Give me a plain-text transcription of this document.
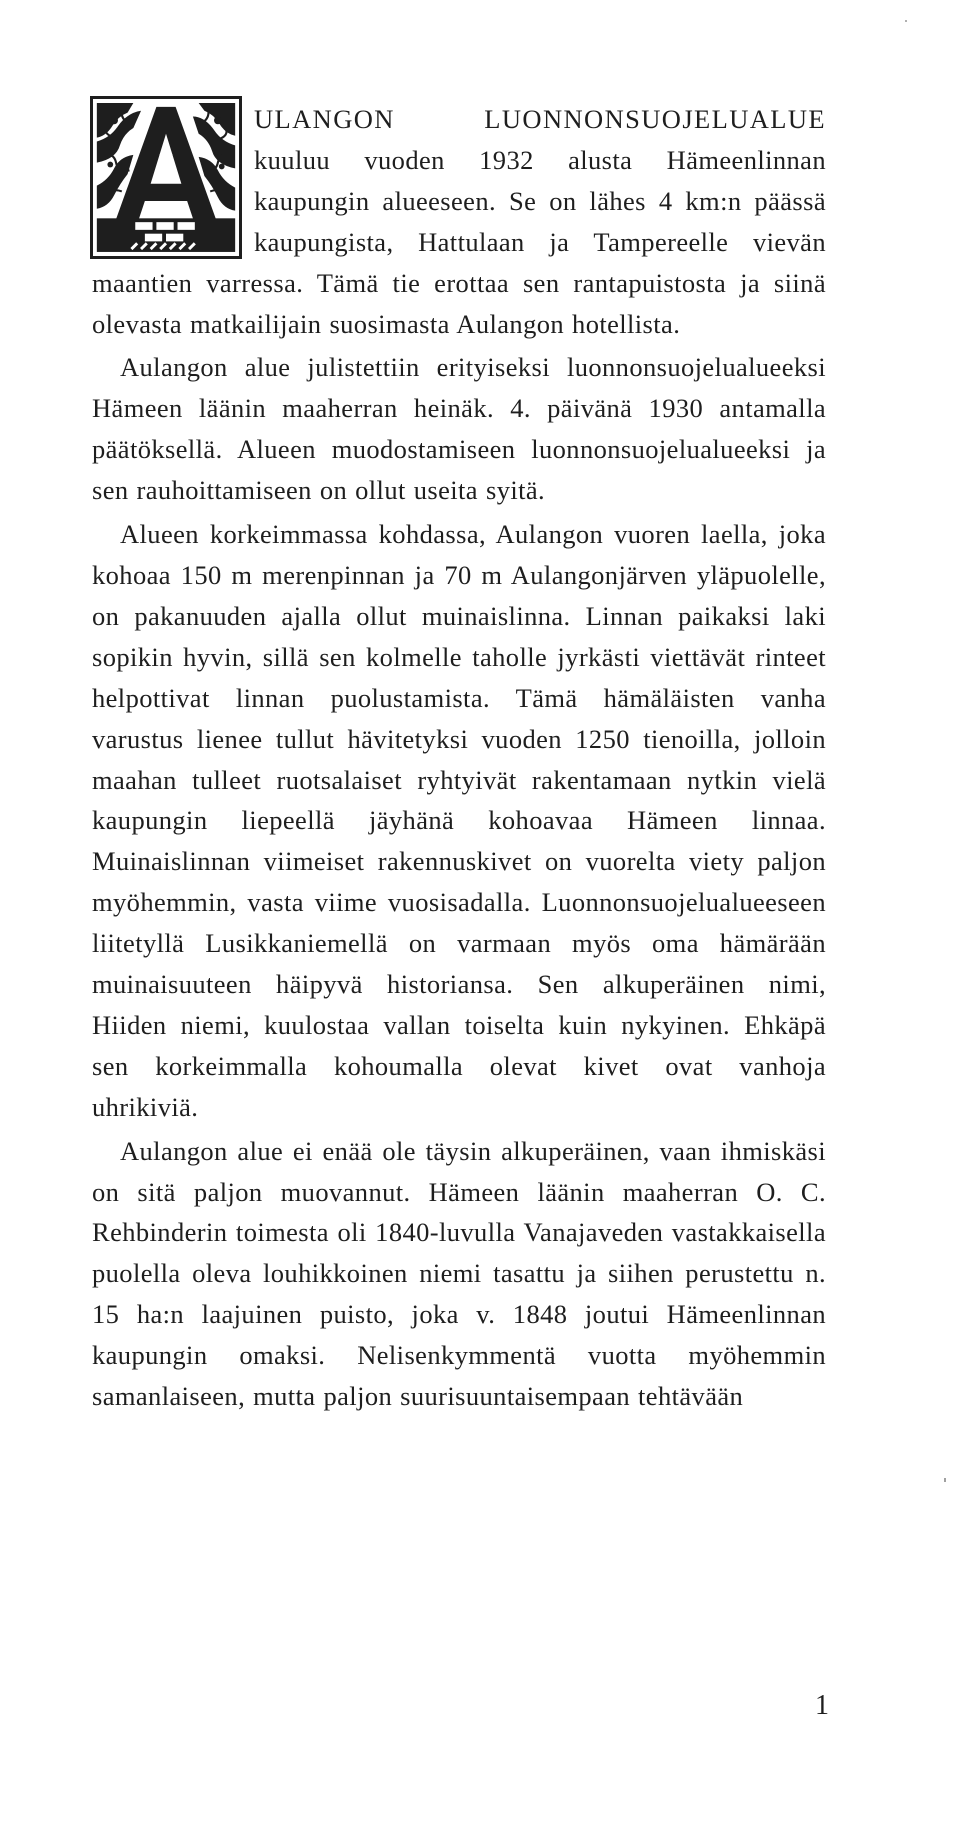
ULANGON LUONNONSUOJELUALUE kuuluu vuoden 1932 alusta Hämeenlinnan kaupungin alueeseen. Se on lähes 4 km:n päässä kaupungista, Hattulaan ja Tampereelle vievän maantien varressa. Tämä tie erottaa sen rantapuistosta ja siinä olevasta matkailijain suosimasta Aulangon hotellista.

Aulangon alue julistettiin erityiseksi luonnonsuojelualueeksi Hämeen läänin maaherran heinäk. 4. päivänä 1930 antamalla päätöksellä. Alueen muodostamiseen luonnonsuojelualueeksi ja sen rauhoittamiseen on ollut useita syitä.

Alueen korkeimmassa kohdassa, Aulangon vuoren laella, joka kohoaa 150 m merenpinnan ja 70 m Aulangonjärven yläpuolelle, on pakanuuden ajalla ollut muinaislinna. Linnan paikaksi laki sopikin hyvin, sillä sen kolmelle taholle jyrkästi viettävät rinteet helpottivat linnan puolustamista. Tämä hämäläisten vanha varustus lienee tullut hävitetyksi vuoden 1250 tienoilla, jolloin maahan tulleet ruotsalaiset ryhtyivät rakentamaan nytkin vielä kaupungin liepeellä jäyhänä kohoavaa Hämeen linnaa. Muinaislinnan viimeiset rakennuskivet on vuorelta viety paljon myöhemmin, vasta viime vuosisadalla. Luonnonsuojelualueeseen liitetyllä Lusikkaniemellä on varmaan myös oma hämärään muinaisuuteen häipyvä historiansa. Sen alkuperäinen nimi, Hiiden niemi, kuulostaa vallan toiselta kuin nykyinen. Ehkäpä sen korkeimmalla kohoumalla olevat kivet ovat vanhoja uhrikiviä.

Aulangon alue ei enää ole täysin alkuperäinen, vaan ihmiskäsi on sitä paljon muovannut. Hämeen läänin maaherran O. C. Rehbinderin toimesta oli 1840-luvulla Vanajaveden vastakkaisella puolella oleva louhikkoinen niemi tasattu ja siihen perustettu n. 15 ha:n laajuinen puisto, joka v. 1848 joutui Hämeenlinnan kaupungin omaksi. Nelisenkymmentä vuotta myöhemmin samanlaiseen, mutta paljon suurisuuntaisempaan tehtävään

1
